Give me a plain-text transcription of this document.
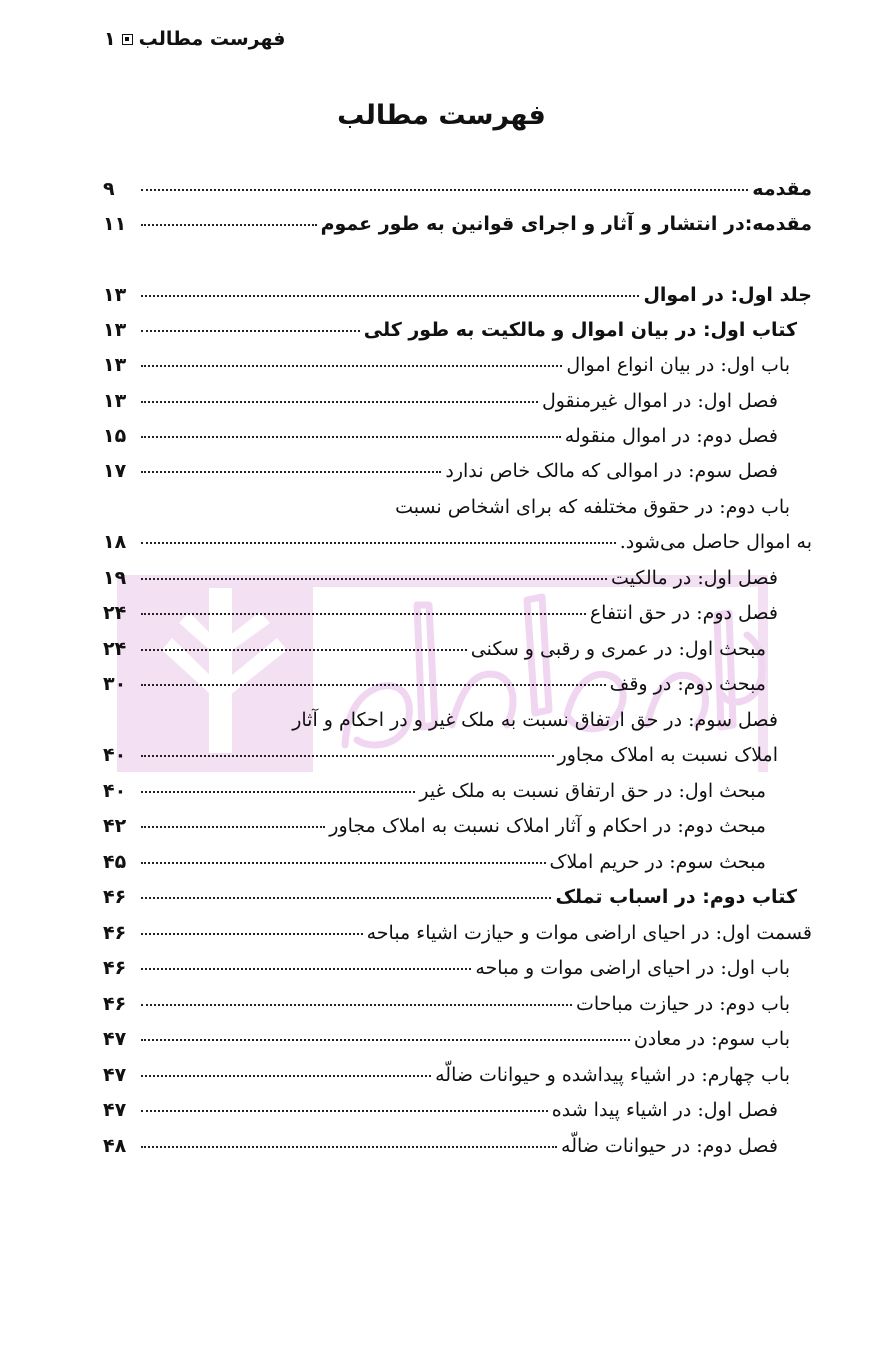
فهرست مطالب
۱
فهرست مطالب
مقدمه
۹
مقدمه:در انتشار و آثار و اجرای قوانین به طور عموم
۱۱
جلد اول: در اموال
۱۳
کتاب اول: در بیان اموال و مالکیت به طور کلی
۱۳
باب اول: در بیان انواع اموال
۱۳
فصل اول: در اموال غیرمنقول
۱۳
فصل دوم: در اموال منقوله
۱۵
فصل سوم: در اموالی که مالک خاص ندارد
۱۷
باب دوم: در حقوق مختلفه که برای اشخاص نسبت
به اموال حاصل می‌شود.
۱۸
فصل اول: در مالکیت
۱۹
فصل دوم: در حق انتفاع
۲۴
مبحث اول: در عمری و رقبی و سکنی
۲۴
مبحث دوم: در وقف
۳۰
فصل سوم: در حق ارتفاق نسبت به ملک غیر و در احکام و آثار
املاک نسبت به املاک مجاور
۴۰
مبحث اول: در حق ارتفاق نسبت به ملک غیر
۴۰
مبحث دوم: در احکام و آثار املاک نسبت به املاک مجاور
۴۲
مبحث سوم: در حریم املاک
۴۵
کتاب دوم: در اسباب تملک
۴۶
قسمت اول: در احیای اراضی موات و حیازت اشیاء مباحه
۴۶
باب اول: در احیای اراضی موات و مباحه
۴۶
باب دوم: در حیازت مباحات
۴۶
باب سوم: در معادن
۴۷
باب چهارم: در اشیاء پیداشده و حیوانات ضالّه
۴۷
فصل اول: در اشیاء پیدا شده
۴۷
فصل دوم: در حیوانات ضالّه
۴۸
